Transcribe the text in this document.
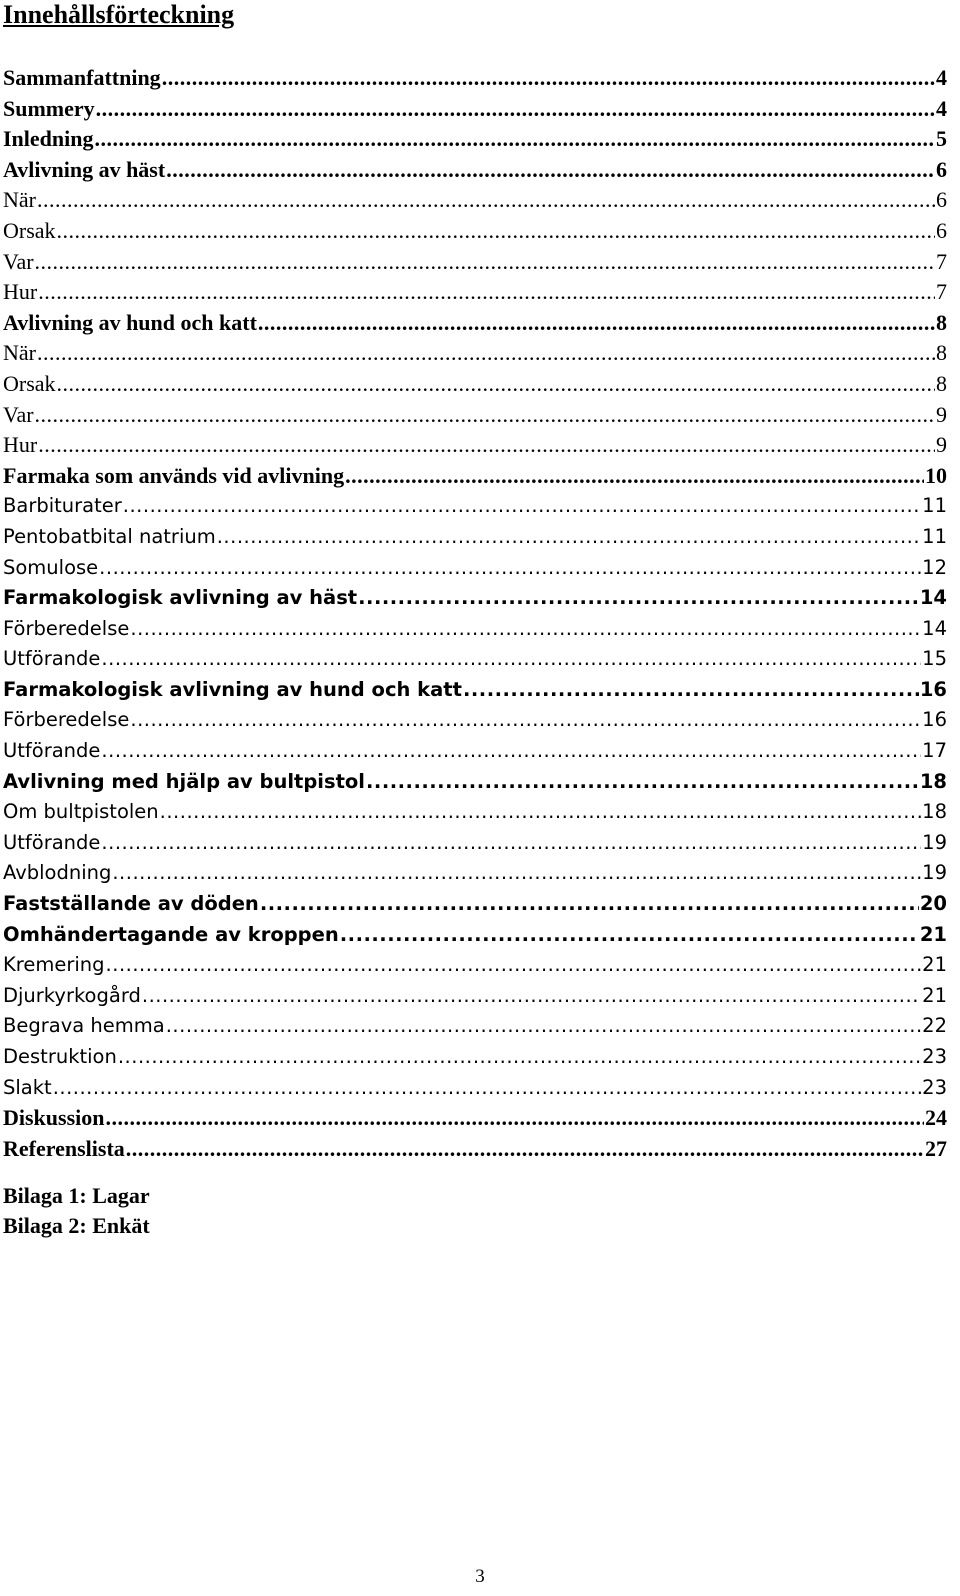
Innehållsförteckning
Sammanfattning .....	4
Summery .....	4
Inledning .....	5
Avlivning av häst .....	6
När .....	6
Orsak .....	6
Var .....	7
Hur .....	7
Avlivning av hund och katt .....	8
När .....	8
Orsak .....	8
Var .....	9
Hur .....	9
Farmaka som används vid avlivning .....	10
Barbiturater .....	11
Pentobatbital natrium .....	11
Somulose .....	12
Farmakologisk avlivning av häst .....	14
Förberedelse .....	14
Utförande .....	15
Farmakologisk avlivning av hund och katt .....	16
Förberedelse .....	16
Utförande .....	17
Avlivning med hjälp av bultpistol .....	18
Om bultpistolen .....	18
Utförande .....	19
Avblodning .....	19
Fastställande av döden .....	20
Omhändertagande av kroppen .....	21
Kremering .....	21
Djurkyrkogård .....	21
Begrava hemma .....	22
Destruktion .....	23
Slakt .....	23
Diskussion .....	24
Referenslista .....	27
Bilaga 1: Lagar
Bilaga 2: Enkät
3
